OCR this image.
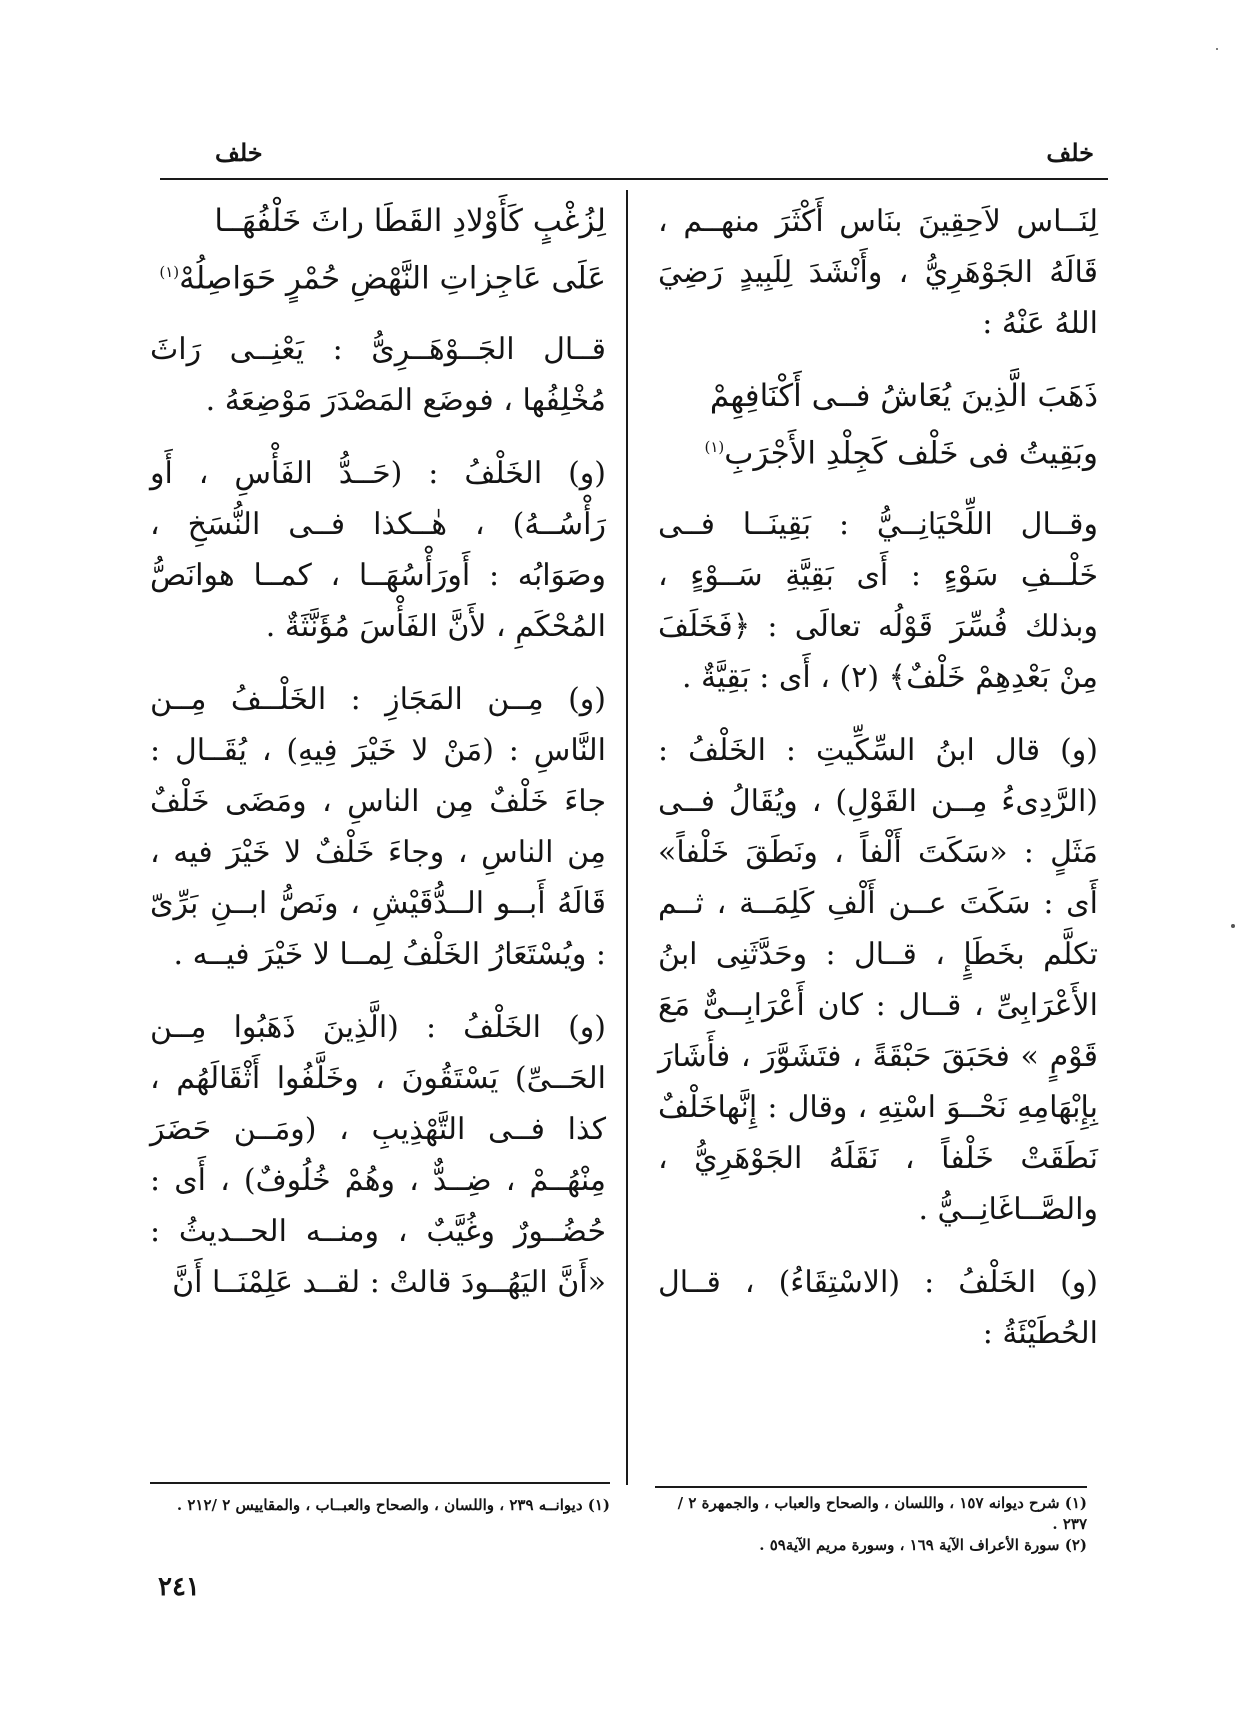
خلف
خلف

لِنَــاس لاَحِقِينَ بنَاس أَكْثَرَ منهــم ، قَالَهُ الجَوْهَرِيُّ ، وأَنْشَدَ لِلَبِيدٍ رَضِيَ اللهُ عَنْهُ :

ذَهَبَ الَّذِينَ يُعَاشُ فــى أَكْنَافِهِمْ
وبَقِيتُ فى خَلْف كَجِلْدِ الأَجْرَبِ$^{(١)}$

وقــال اللِّحْيَانِــيُّ : بَقِينَــا فــى خَلْــفِ سَوْءٍ : أَى بَقِيَّةِ سَــوْءٍ ، وبذلك فُسِّرَ قَوْلُه تعالَى : ﴿فَخَلَفَ مِنْ بَعْدِهِمْ خَلْفٌ﴾ (٢) ، أَى : بَقِيَّةٌ .

(و) قال ابنُ السِّكِّيتِ : الخَلْفُ : (الرَّدِىءُ مِــن القَوْلِ) ، ويُقَالُ فــى مَثَلٍ : «سَكَتَ أَلْفاً ، ونَطَقَ خَلْفاً» أَى : سَكَتَ عــن أَلْفِ كَلِمَــة ، ثــم تكلَّم بخَطَإٍ ، قــال : وحَدَّثَنِى ابنُ الأَعْرَابِىِّ ، قــال : كان أَعْرَابِــىٌّ مَعَ قَوْمٍ » فحَبَقَ حَبْقَةً ، فتَشَوَّرَ ، فأَشَارَ بِإِبْهَامِهِ نَحْــوَ اسْتِهِ ، وقال : إِنَّهاخَلْفٌ نَطَقَتْ خَلْفاً ، نَقَلَهُ الجَوْهَرِيُّ ، والصَّــاغَانِــيُّ .

(و) الخَلْفُ : (الاسْتِقَاءُ) ، قــال الحُطَيْئَةُ :

لِزُغْبٍ كَأَوْلادِ القَطَا راثَ خَلْفُهَــا
عَلَى عَاجِزاتِ النَّهْضِ حُمْرٍ حَوَاصِلُهْ$^{(١)}$

قــال الجَــوْهَــرِىُّ : يَعْنِــى رَاثَ مُخْلِفُها ، فوضَع المَصْدَرَ مَوْضِعَهُ .

(و) الخَلْفُ : (حَــدُّ الفَأْسِ ، أَو رَأْسُــهُ) ، هٰــكذا فــى النُّسَخِ ، وصَوَابُه : أَورَأْسُهَــا ، كمــا هوانَصُّ المُحْكَمِ ، لأَنَّ الفَأْسَ مُؤَنَّثَةٌ .

(و) مِــن المَجَازِ : الخَلْــفُ مِــن النَّاسِ : (مَنْ لا خَيْرَ فِيهِ) ، يُقَــال : جاءَ خَلْفٌ مِن الناسِ ، ومَضَى خَلْفٌ مِن الناسِ ، وجاءَ خَلْفٌ لا خَيْرَ فيه ، قَالَهُ أَبــو الــدُّقَيْشِ ، ونَصُّ ابــنِ بَرِّىّ : ويُسْتَعَارُ الخَلْفُ لِمــا لا خَيْرَ فيــه .

(و) الخَلْفُ : (الَّذِينَ ذَهَبُوا مِــن الحَــىِّ) يَسْتَقُونَ ، وخَلَّفُوا أَثْقَالَهُم ، كذا فــى التَّهْذِيبِ ، (ومَــن حَضَرَ مِنْهُــمْ ، ضِــدٌّ ، وهُمْ خُلُوفٌ) ، أَى : حُضُــورٌ وغُيَّبٌ ، ومنــه الحــديثُ : «أَنَّ اليَهُــودَ قالتْ : لقــد عَلِمْنَــا أَنَّ

(١) شرح ديوانه ١٥٧ ، واللسان ، والصحاح والعباب ، والجمهرة ٢ /٢٣٧ .
(٢) سورة الأعراف الآية ١٦٩ ، وسورة مريم الآية٥٩ .
(١) ديوانــه ٢٣٩ ، واللسان ، والصحاح والعبــاب ، والمقاييس ٢ /٢١٢ .
٢٤١
